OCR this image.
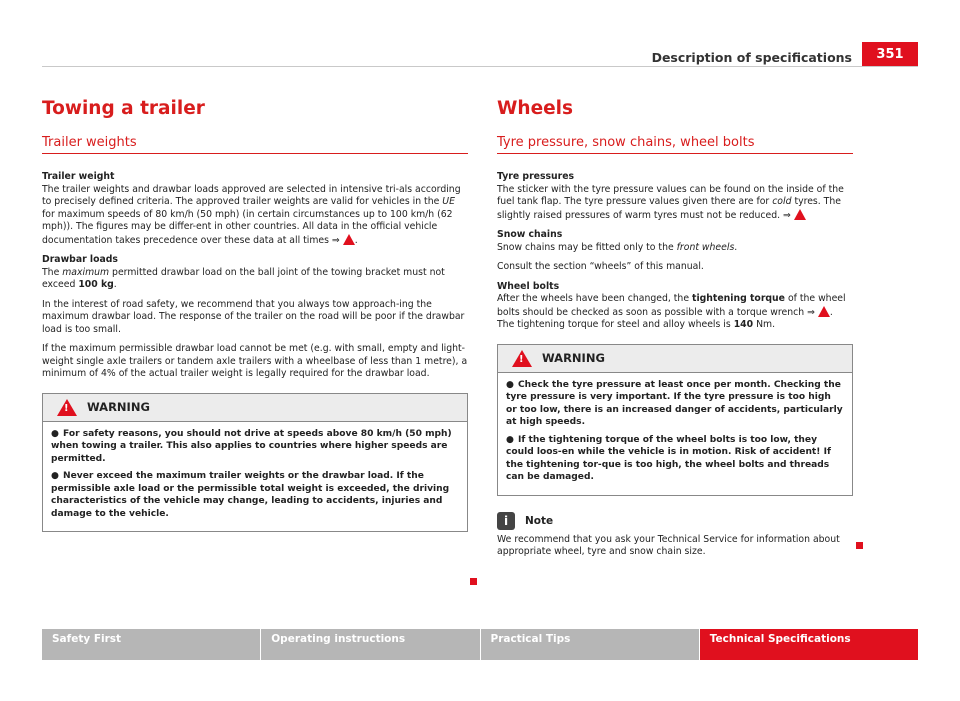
Description of specifications	351
Towing a trailer
Trailer weights

Trailer weight

The trailer weights and drawbar loads approved are selected in intensive tri-als according to precisely defined criteria. The approved trailer weights are valid for vehicles in the UE for maximum speeds of 80 km/h (50 mph) (in certain circumstances up to 100 km/h (62 mph)). The figures may be differ-ent in other countries. All data in the official vehicle documentation takes precedence over these data at all times ⇒ .

Drawbar loads

The maximum permitted drawbar load on the ball joint of the towing bracket must not exceed 100 kg.

In the interest of road safety, we recommend that you always tow approach-ing the maximum drawbar load. The response of the trailer on the road will be poor if the drawbar load is too small.

If the maximum permissible drawbar load cannot be met (e.g. with small, empty and light-weight single axle trailers or tandem axle trailers with a wheelbase of less than 1 metre), a minimum of 4% of the actual trailer weight is legally required for the drawbar load.

! WARNING

● For safety reasons, you should not drive at speeds above 80 km/h (50 mph) when towing a trailer. This also applies to countries where higher speeds are permitted.

● Never exceed the maximum trailer weights or the drawbar load. If the permissible axle load or the permissible total weight is exceeded, the driving characteristics of the vehicle may change, leading to accidents, injuries and damage to the vehicle.

Wheels
Tyre pressure, snow chains, wheel bolts

Tyre pressures

The sticker with the tyre pressure values can be found on the inside of the fuel tank flap. The tyre pressure values given there are for cold tyres. The slightly raised pressures of warm tyres must not be reduced. ⇒

Snow chains

Snow chains may be fitted only to the front wheels.

Consult the section “wheels” of this manual.

Wheel bolts

After the wheels have been changed, the tightening torque of the wheel bolts should be checked as soon as possible with a torque wrench ⇒ . The tightening torque for steel and alloy wheels is 140 Nm.

! WARNING

● Check the tyre pressure at least once per month. Checking the tyre pressure is very important. If the tyre pressure is too high or too low, there is an increased danger of accidents, particularly at high speeds.

● If the tightening torque of the wheel bolts is too low, they could loos-en while the vehicle is in motion. Risk of accident! If the tightening tor-que is too high, the wheel bolts and threads can be damaged.

i	Note

We recommend that you ask your Technical Service for information about appropriate wheel, tyre and snow chain size.

Safety First	Operating instructions	Practical Tips	Technical Specifications
